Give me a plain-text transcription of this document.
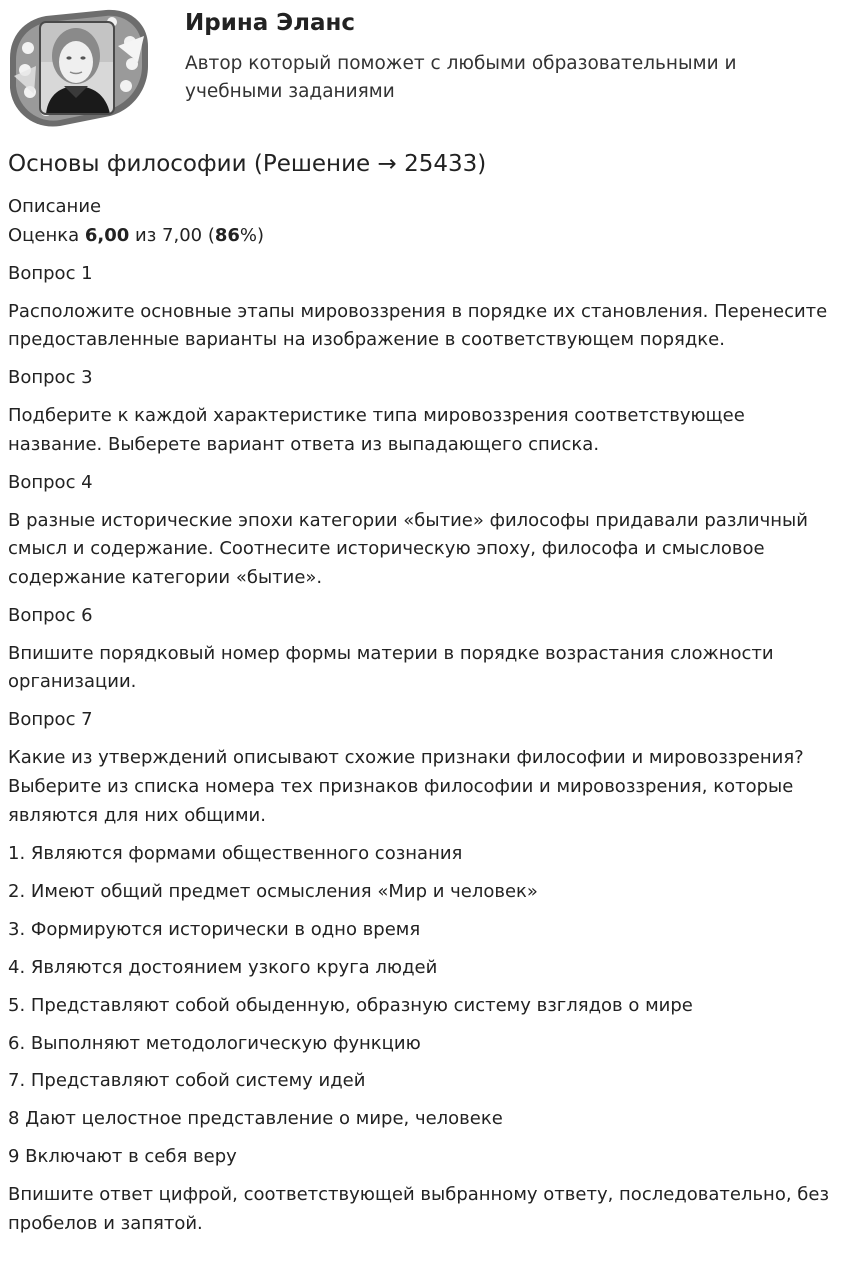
Ирина Эланс

Автор который поможет с любыми образовательными и учебными заданиями

Основы философии (Решение → 25433)
Описание
Оценка 6,00 из 7,00 (86%)
Вопрос 1
Расположите основные этапы мировоззрения в порядке их становления. Перенесите предоставленные варианты на изображение в соответствующем порядке.
Вопрос 3
Подберите к каждой характеристике типа мировоззрения соответствующее название. Выберете вариант ответа из выпадающего списка.
Вопрос 4
В разные исторические эпохи категории «бытие» философы придавали различный смысл и содержание. Соотнесите историческую эпоху, философа и смысловое содержание категории «бытие».
Вопрос 6
Впишите порядковый номер формы материи в порядке возрастания сложности организации.
Вопрос 7
Какие из утверждений описывают схожие признаки философии и мировоззрения? Выберите из списка номера тех признаков философии и мировоззрения, которые являются для них общими.
1. Являются формами общественного сознания
2. Имеют общий предмет осмысления «Мир и человек»
3. Формируются исторически в одно время
4. Являются достоянием узкого круга людей
5. Представляют собой обыденную, образную систему взглядов о мире
6. Выполняют методологическую функцию
7. Представляют собой систему идей
8 Дают целостное представление о мире, человеке
9 Включают в себя веру
Впишите ответ цифрой, соответствующей выбранному ответу, последовательно, без пробелов и запятой.
